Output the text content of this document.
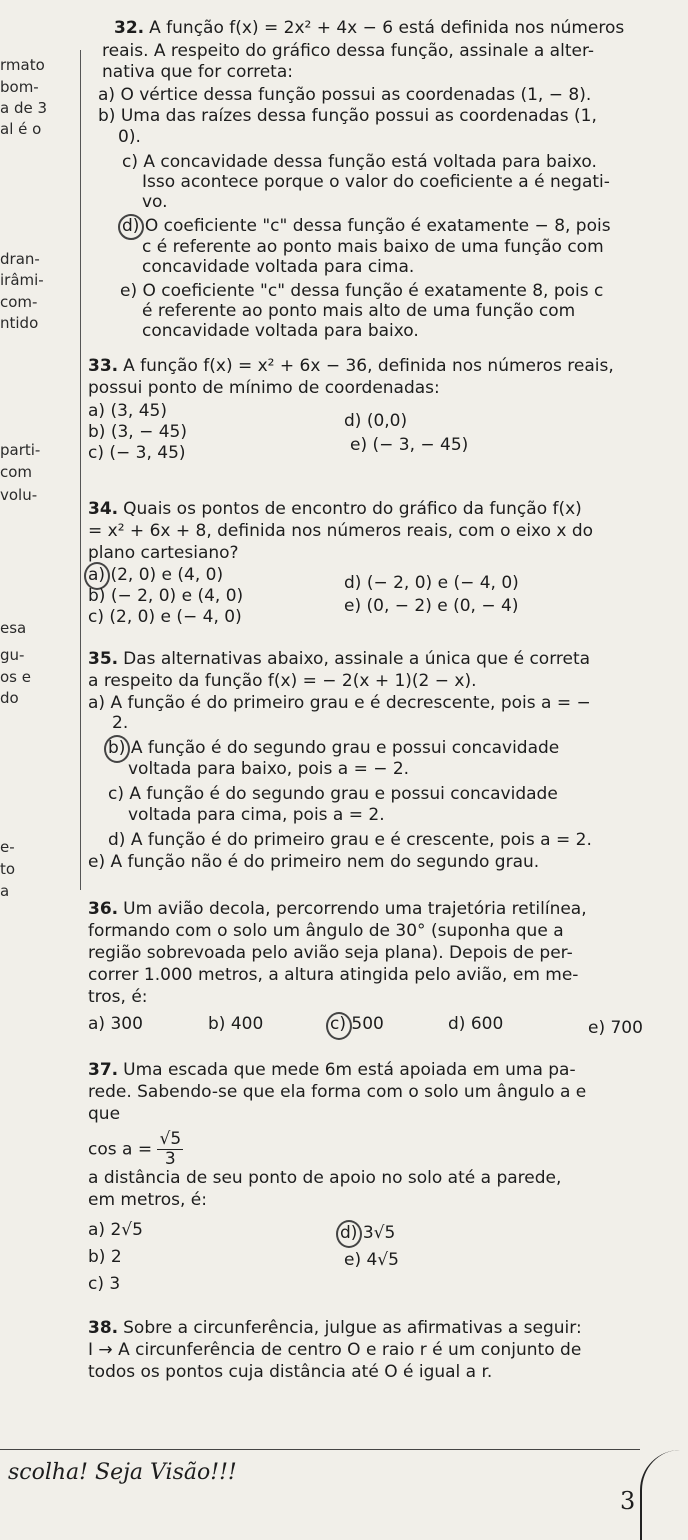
rmato
bom-
a de 3
al é o
dran-
irâmi-
com-
ntido
parti-
com
volu-
esa
gu-
os e
do
e-
to
a
32. A função f(x) = 2x² + 4x − 6 está definida nos números
reais. A respeito do gráfico dessa função, assinale a alter-
nativa que for correta:
a) O vértice dessa função possui as coordenadas (1, − 8).
b) Uma das raízes dessa função possui as coordenadas (1,
0).
c) A concavidade dessa função está voltada para baixo.
Isso acontece porque o valor do coeficiente a é negati-
vo.
d) O coeficiente "c" dessa função é exatamente − 8, pois
c é referente ao ponto mais baixo de uma função com
concavidade voltada para cima.
e) O coeficiente "c" dessa função é exatamente 8, pois c
é referente ao ponto mais alto de uma função com
concavidade voltada para baixo.
33. A função f(x) = x² + 6x − 36, definida nos números reais,
possui ponto de mínimo de coordenadas:
a) (3, 45)
b) (3, − 45)
c) (− 3, 45)
d) (0,0)
e) (− 3, − 45)
34. Quais os pontos de encontro do gráfico da função f(x)
= x² + 6x + 8, definida nos números reais, com o eixo x do
plano cartesiano?
a) (2, 0) e (4, 0)
b) (− 2, 0) e (4, 0)
c) (2, 0) e (− 4, 0)
d) (− 2, 0) e (− 4, 0)
e) (0, − 2) e (0, − 4)
35. Das alternativas abaixo, assinale a única que é correta
a respeito da função f(x) = − 2(x + 1)(2 − x).
a) A função é do primeiro grau e é decrescente, pois a = −
2.
b) A função é do segundo grau e possui concavidade
voltada para baixo, pois a = − 2.
c) A função é do segundo grau e possui concavidade
voltada para cima, pois a = 2.
d) A função é do primeiro grau e é crescente, pois a = 2.
e) A função não é do primeiro nem do segundo grau.
36. Um avião decola, percorrendo uma trajetória retilínea,
formando com o solo um ângulo de 30° (suponha que a
região sobrevoada pelo avião seja plana). Depois de per-
correr 1.000 metros, a altura atingida pelo avião, em me-
tros, é:
a) 300	b) 400	c) 500	d) 600	e) 700
37. Uma escada que mede 6m está apoiada em uma pa-
rede. Sabendo-se que ela forma com o solo um ângulo a e
que
$\cos a = \frac{√5}{3}$
a distância de seu ponto de apoio no solo até a parede,
em metros, é:
a) 2√5
b) 2
c) 3
d) 3√5
e) 4√5
38. Sobre a circunferência, julgue as afirmativas a seguir:
I → A circunferência de centro O e raio r é um conjunto de
todos os pontos cuja distância até O é igual a r.
scolha! Seja Visão!!!
3
